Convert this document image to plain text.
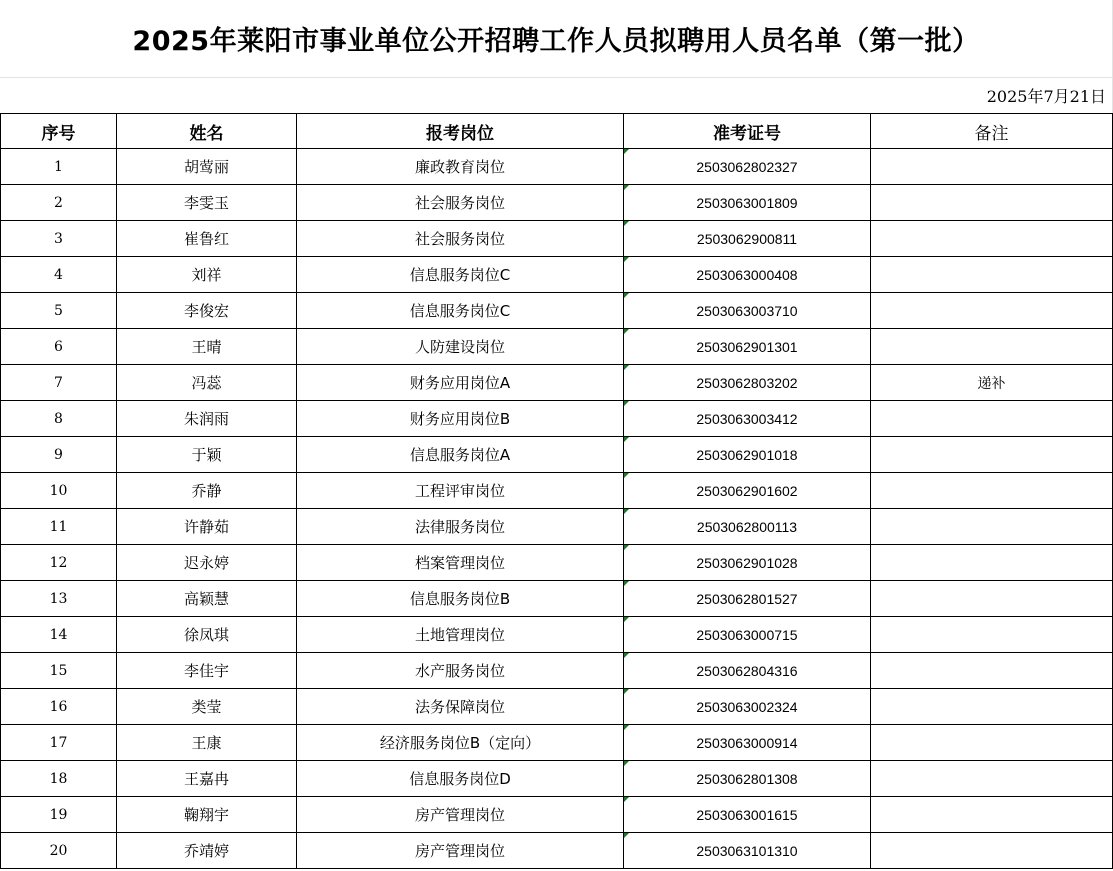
2025年莱阳市事业单位公开招聘工作人员拟聘用人员名单（第一批）
2025年7月21日
序号	姓名	报考岗位	准考证号	备注
1	胡莺丽	廉政教育岗位	2503062802327	
2	李雯玉	社会服务岗位	2503063001809	
3	崔鲁红	社会服务岗位	2503062900811	
4	刘祥	信息服务岗位C	2503063000408	
5	李俊宏	信息服务岗位C	2503063003710	
6	王晴	人防建设岗位	2503062901301	
7	冯蕊	财务应用岗位A	2503062803202	递补
8	朱润雨	财务应用岗位B	2503063003412	
9	于颖	信息服务岗位A	2503062901018	
10	乔静	工程评审岗位	2503062901602	
11	许静茹	法律服务岗位	2503062800113	
12	迟永婷	档案管理岗位	2503062901028	
13	高颖慧	信息服务岗位B	2503062801527	
14	徐凤琪	土地管理岗位	2503063000715	
15	李佳宇	水产服务岗位	2503062804316	
16	类莹	法务保障岗位	2503063002324	
17	王康	经济服务岗位B（定向）	2503063000914	
18	王嘉冉	信息服务岗位D	2503062801308	
19	鞠翔宇	房产管理岗位	2503063001615	
20	乔靖婷	房产管理岗位	2503063101310	
